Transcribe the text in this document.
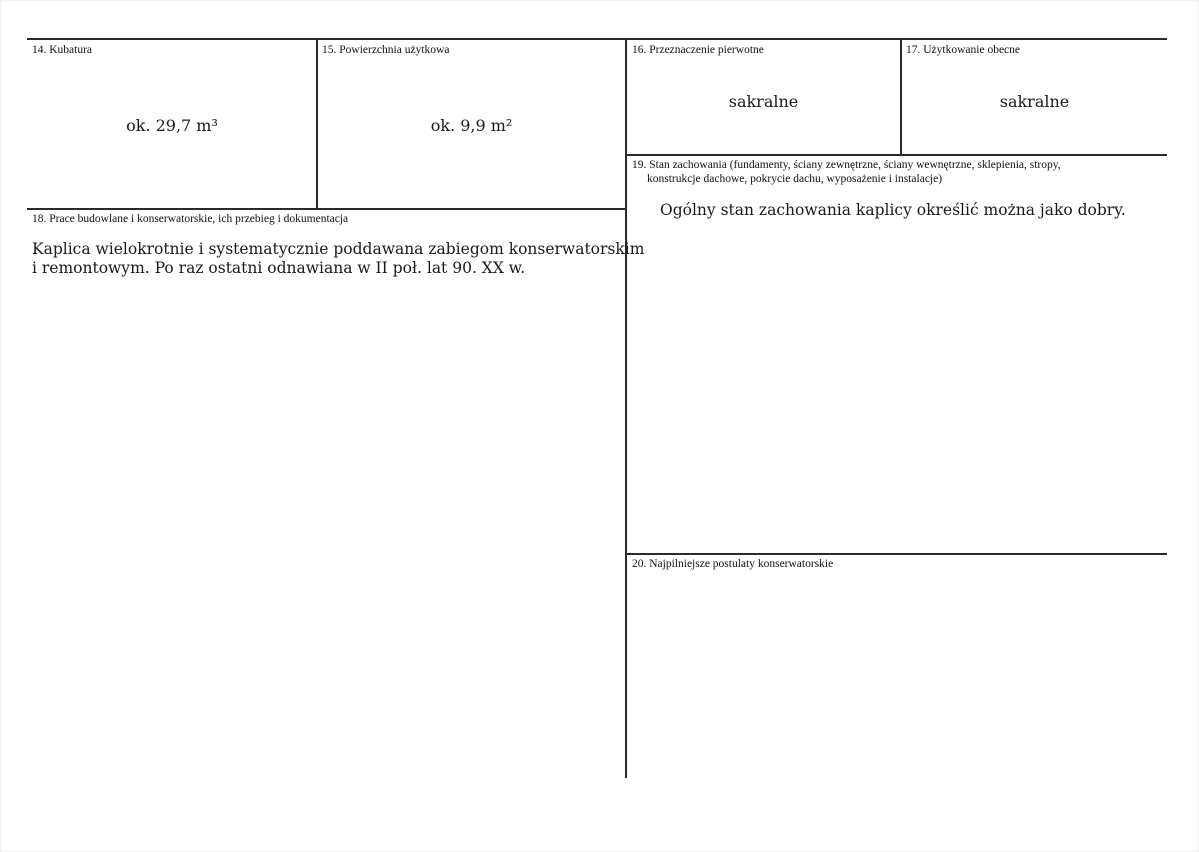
14. Kubatura
ok. 29,7 m³
15. Powierzchnia użytkowa
ok. 9,9 m²
16. Przeznaczenie pierwotne
sakralne
17. Użytkowanie obecne
sakralne
19. Stan zachowania (fundamenty, ściany zewnętrzne, ściany wewnętrzne, sklepienia, stropy,
konstrukcje dachowe, pokrycie dachu, wyposażenie i instalacje)
Ogólny stan zachowania kaplicy określić można jako dobry.
18. Prace budowlane i konserwatorskie, ich przebieg i dokumentacja
Kaplica wielokrotnie i systematycznie poddawana zabiegom konserwatorskim
i remontowym. Po raz ostatni odnawiana w II poł. lat 90. XX w.
20. Najpilniejsze postulaty konserwatorskie
